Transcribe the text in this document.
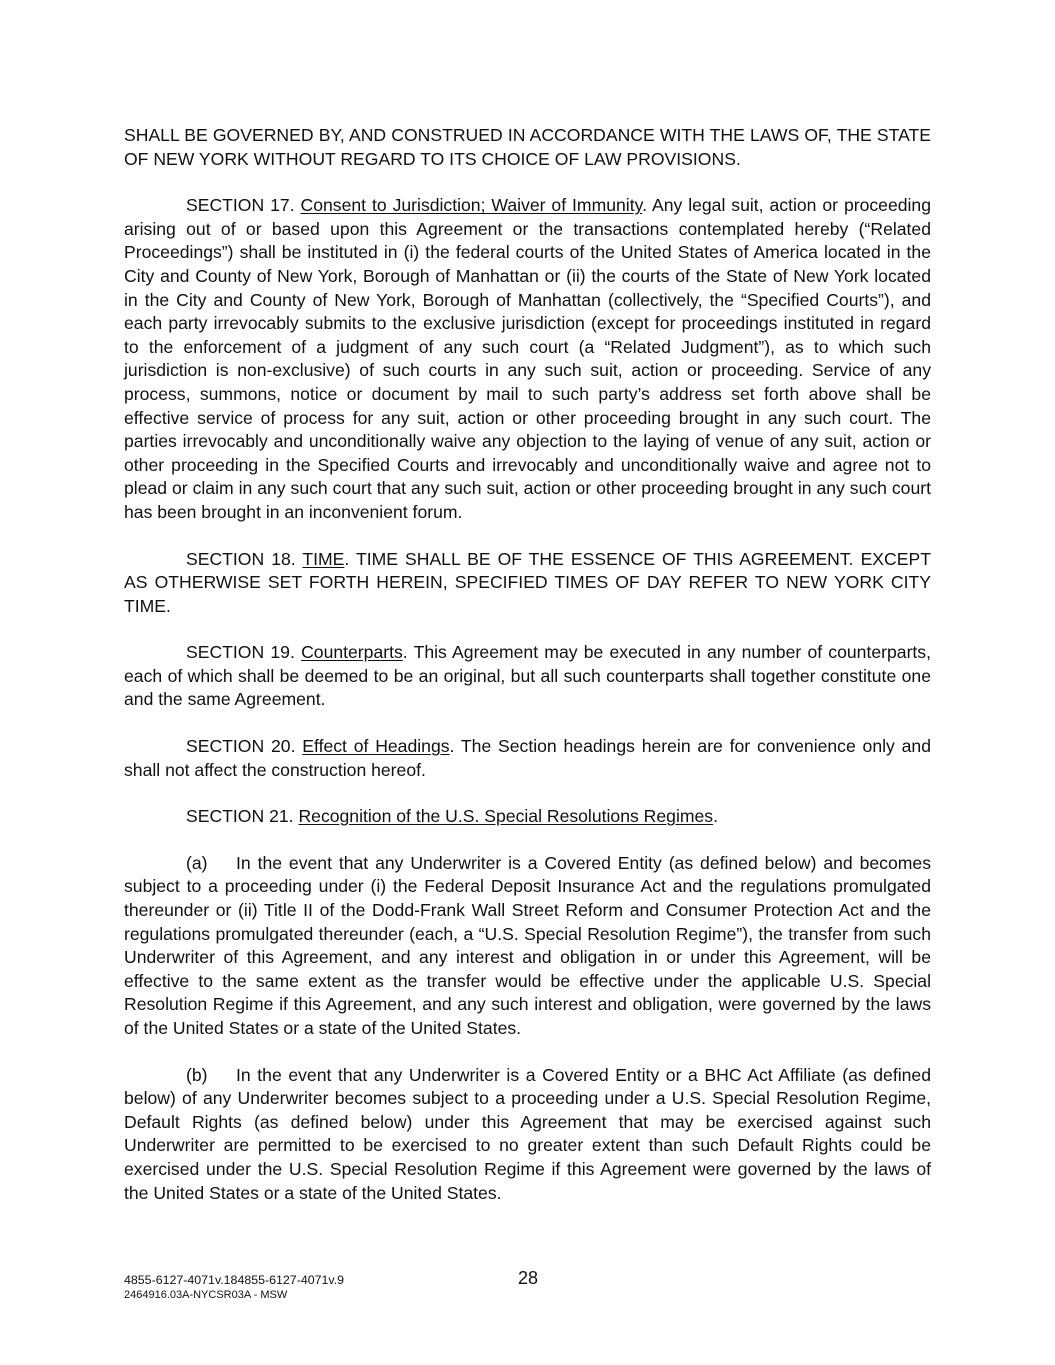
SHALL BE GOVERNED BY, AND CONSTRUED IN ACCORDANCE WITH THE LAWS OF, THE STATE OF NEW YORK WITHOUT REGARD TO ITS CHOICE OF LAW PROVISIONS.

SECTION 17. Consent to Jurisdiction; Waiver of Immunity. Any legal suit, action or proceeding arising out of or based upon this Agreement or the transactions contemplated hereby (“Related Proceedings”) shall be instituted in (i) the federal courts of the United States of America located in the City and County of New York, Borough of Manhattan or (ii) the courts of the State of New York located in the City and County of New York, Borough of Manhattan (collectively, the “Specified Courts”), and each party irrevocably submits to the exclusive jurisdiction (except for proceedings instituted in regard to the enforcement of a judgment of any such court (a “Related Judgment”), as to which such jurisdiction is non-exclusive) of such courts in any such suit, action or proceeding. Service of any process, summons, notice or document by mail to such party’s address set forth above shall be effective service of process for any suit, action or other proceeding brought in any such court. The parties irrevocably and unconditionally waive any objection to the laying of venue of any suit, action or other proceeding in the Specified Courts and irrevocably and unconditionally waive and agree not to plead or claim in any such court that any such suit, action or other proceeding brought in any such court has been brought in an inconvenient forum.

SECTION 18. TIME. TIME SHALL BE OF THE ESSENCE OF THIS AGREEMENT. EXCEPT AS OTHERWISE SET FORTH HEREIN, SPECIFIED TIMES OF DAY REFER TO NEW YORK CITY TIME.

SECTION 19. Counterparts. This Agreement may be executed in any number of counterparts, each of which shall be deemed to be an original, but all such counterparts shall together constitute one and the same Agreement.

SECTION 20. Effect of Headings. The Section headings herein are for convenience only and shall not affect the construction hereof.

SECTION 21. Recognition of the U.S. Special Resolutions Regimes.

(a) In the event that any Underwriter is a Covered Entity (as defined below) and becomes subject to a proceeding under (i) the Federal Deposit Insurance Act and the regulations promulgated thereunder or (ii) Title II of the Dodd-Frank Wall Street Reform and Consumer Protection Act and the regulations promulgated thereunder (each, a “U.S. Special Resolution Regime”), the transfer from such Underwriter of this Agreement, and any interest and obligation in or under this Agreement, will be effective to the same extent as the transfer would be effective under the applicable U.S. Special Resolution Regime if this Agreement, and any such interest and obligation, were governed by the laws of the United States or a state of the United States.

(b) In the event that any Underwriter is a Covered Entity or a BHC Act Affiliate (as defined below) of any Underwriter becomes subject to a proceeding under a U.S. Special Resolution Regime, Default Rights (as defined below) under this Agreement that may be exercised against such Underwriter are permitted to be exercised to no greater extent than such Default Rights could be exercised under the U.S. Special Resolution Regime if this Agreement were governed by the laws of the United States or a state of the United States.

4855-6127-4071v.184855-6127-4071v.9
2464916.03A-NYCSR03A - MSW
28
